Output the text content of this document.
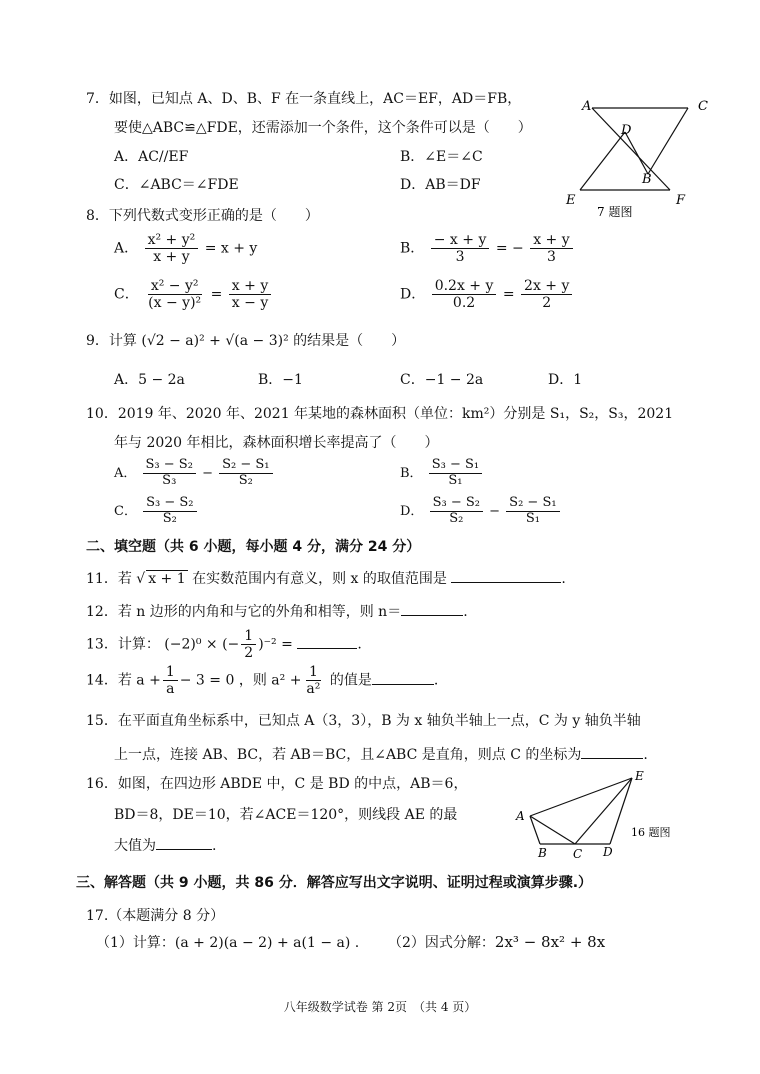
7．如图，已知点 A、D、B、F 在一条直线上，AC＝EF，AD＝FB，
要使△ABC≌△FDE，还需添加一个条件，这个条件可以是（　　）
A．AC//EF	B．∠E＝∠C
C．∠ABC＝∠FDE	D．AB＝DF
A	C
D
B
E	F
7 题图
8．下列代数式变形正确的是（　　）
A． $\frac{\text{x² + y²}}{x + y} = x + y$	B． $\frac{- x + y}{3}$ = − $\frac{x + y}{3}$
C． $\frac{\text{x² − y²}}{\text{(x − y)²}} = \frac{x + y}{x - y}$	D． $\frac{0.2x + y}{0.2} = \frac{2x + y}{2}$
9．计算 (√2 − a)² + √(a − 3)² 的结果是（　　）
A．5 − 2a	B．−1	C．−1 − 2a	D．1
10．2019 年、2020 年、2021 年某地的森林面积（单位：km²）分别是 S₁，S₂，S₃，2021
年与 2020 年相比，森林面积增长率提高了（　　）
A． $\frac{\text{S₃ − S₂}}{\text{S₃}} - \frac{\text{S₂ − S₁}}{\text{S₂}}$	B． $\frac{\text{S₃ − S₁}}{\text{S₁}}$
C． $\frac{\text{S₃ − S₂}}{\text{S₂}}$	D． $\frac{\text{S₃ − S₂}}{\text{S₂}} - \frac{\text{S₂ − S₁}}{\text{S₁}}$
二、填空题（共 6 小题，每小题 4 分，满分 24 分）
11．若 √ x + 1 在实数范围内有意义，则 x 的取值范围是	.
12．若 n 边形的内角和与它的外角和相等，则 n＝	.
13．计算： (−2)⁰ × (− $\frac{1}{2} )^{-2}$ =	.
14．若 $a + \frac{1}{a} - 3 = 0$ ，则 $a^2 + \frac{1}{\text{a²}}$ 的值是	.
15．在平面直角坐标系中，已知点 A（3，3），B 为 x 轴负半轴上一点，C 为 y 轴负半轴
上一点，连接 AB、BC，若 AB＝BC，且∠ABC 是直角，则点 C 的坐标为	.
16．如图，在四边形 ABDE 中，C 是 BD 的中点，AB＝6，
BD＝8，DE＝10，若∠ACE＝120°，则线段 AE 的最
大值为	.
E
A
B C D
16 题图
三、解答题（共 9 小题，共 86 分．解答应写出文字说明、证明过程或演算步骤.）
17.（本题满分 8 分）
（1）计算：(a + 2)(a − 2) + a(1 − a) . （2）因式分解：2x³ − 8x² + 8x
八年级数学试卷 第 2页　（共 4 页）
